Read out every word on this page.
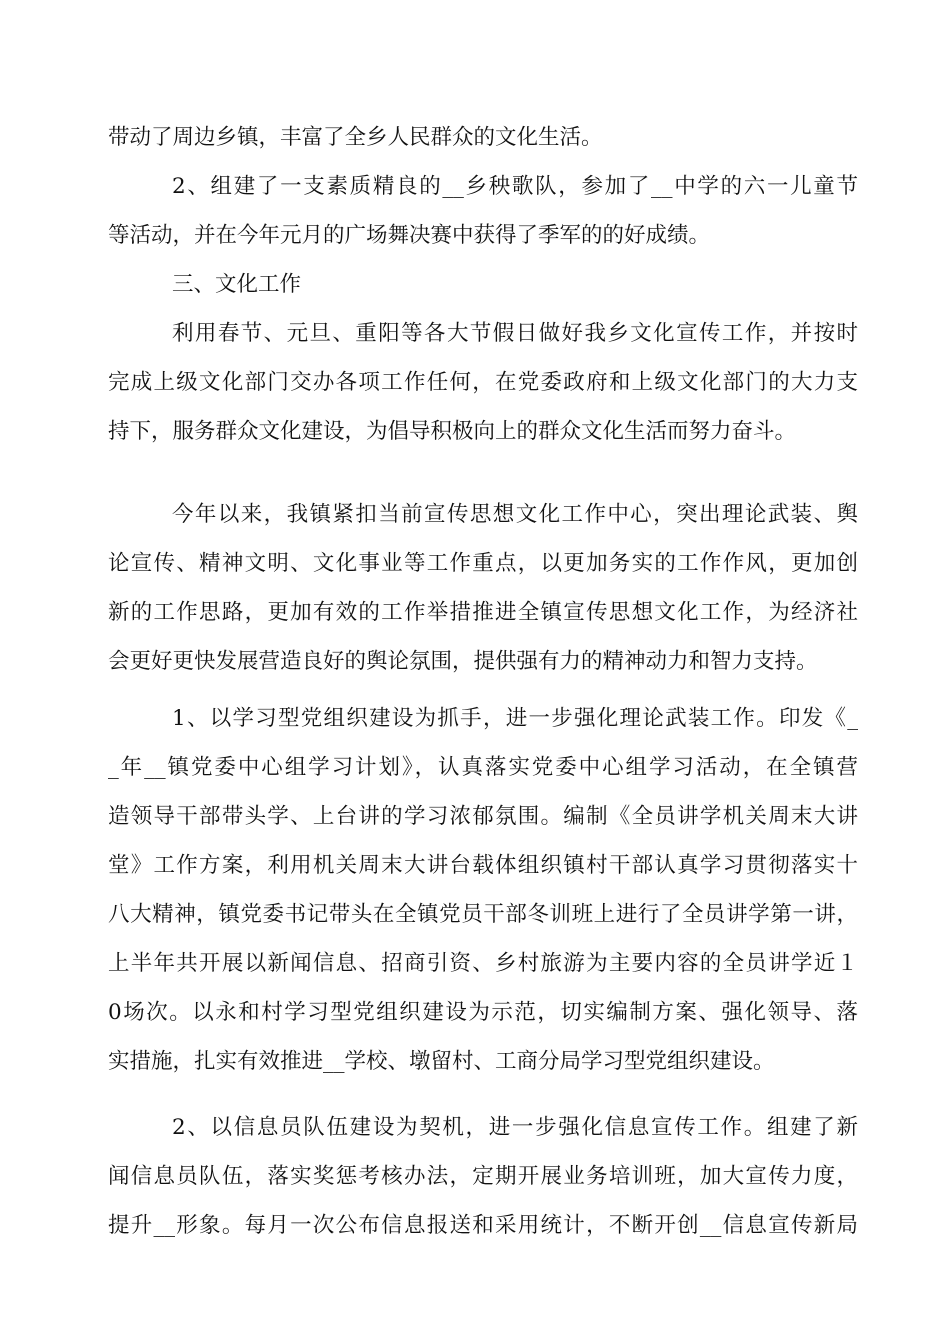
带动了周边乡镇，丰富了全乡人民群众的文化生活。
2、组建了一支素质精良的__乡秧歌队，参加了__中学的六一儿童节
等活动，并在今年元月的广场舞决赛中获得了季军的的好成绩。
三、文化工作
利用春节、元旦、重阳等各大节假日做好我乡文化宣传工作，并按时
完成上级文化部门交办各项工作任何，在党委政府和上级文化部门的大力支
持下，服务群众文化建设，为倡导积极向上的群众文化生活而努力奋斗。
今年以来，我镇紧扣当前宣传思想文化工作中心，突出理论武装、舆
论宣传、精神文明、文化事业等工作重点，以更加务实的工作作风，更加创
新的工作思路，更加有效的工作举措推进全镇宣传思想文化工作，为经济社
会更好更快发展营造良好的舆论氛围，提供强有力的精神动力和智力支持。
1、以学习型党组织建设为抓手，进一步强化理论武装工作。印发《_
_年__镇党委中心组学习计划》，认真落实党委中心组学习活动，在全镇营
造领导干部带头学、上台讲的学习浓郁氛围。编制《全员讲学机关周末大讲
堂》工作方案，利用机关周末大讲台载体组织镇村干部认真学习贯彻落实十
八大精神，镇党委书记带头在全镇党员干部冬训班上进行了全员讲学第一讲，
上半年共开展以新闻信息、招商引资、乡村旅游为主要内容的全员讲学近１
0场次。以永和村学习型党组织建设为示范，切实编制方案、强化领导、落
实措施，扎实有效推进__学校、墩留村、工商分局学习型党组织建设。
2、以信息员队伍建设为契机，进一步强化信息宣传工作。组建了新
闻信息员队伍，落实奖惩考核办法，定期开展业务培训班，加大宣传力度，
提升__形象。每月一次公布信息报送和采用统计，不断开创__信息宣传新局
